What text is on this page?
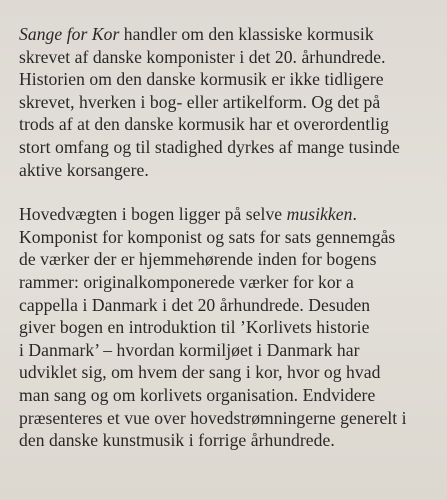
Sange for Kor handler om den klassiske kormusik
skrevet af danske komponister i det 20. århundrede.
Historien om den danske kormusik er ikke tidligere
skrevet, hverken i bog- eller artikelform. Og det på
trods af at den danske kormusik har et overordentlig
stort omfang og til stadighed dyrkes af mange tusinde
aktive korsangere.

Hovedvægten i bogen ligger på selve musikken.
Komponist for komponist og sats for sats gennemgås
de værker der er hjemmehørende inden for bogens
rammer: originalkomponerede værker for kor a
cappella i Danmark i det 20 århundrede. Desuden
giver bogen en introduktion til ’Korlivets historie
i Danmark’ – hvordan kormiljøet i Danmark har
udviklet sig, om hvem der sang i kor, hvor og hvad
man sang og om korlivets organisation. Endvidere
præsenteres et vue over hovedstrømningerne generelt i
den danske kunstmusik i forrige århundrede.
